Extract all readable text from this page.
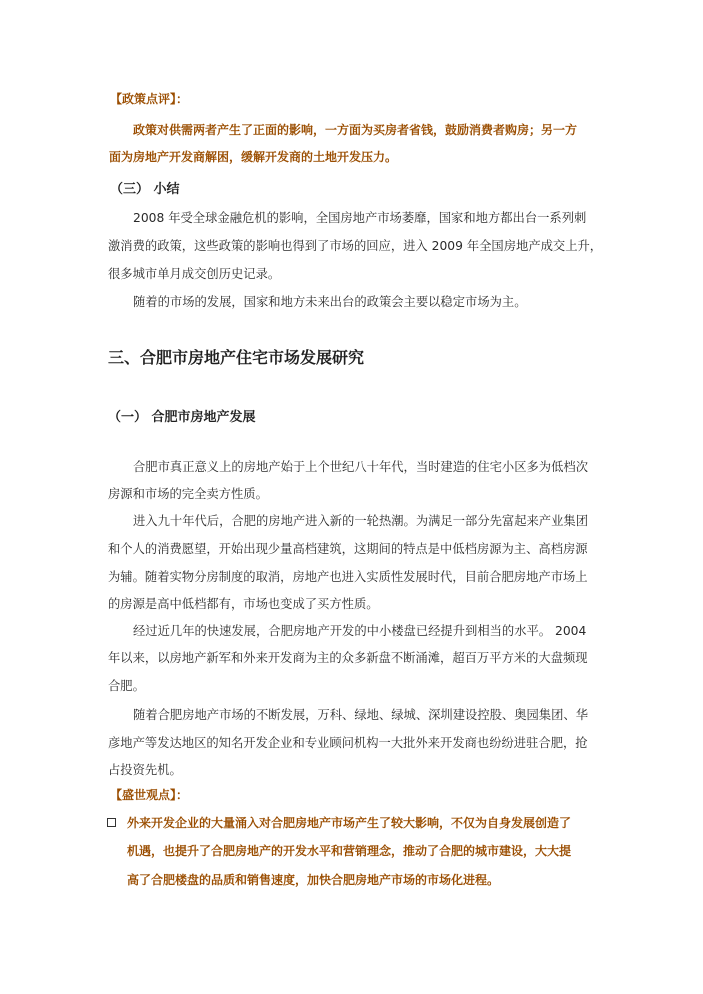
【政策点评】：
政策对供需两者产生了正面的影响，一方面为买房者省钱，鼓励消费者购房；另一方
面为房地产开发商解困，缓解开发商的土地开发压力。
（三） 小结
2008 年受全球金融危机的影响，全国房地产市场萎靡，国家和地方都出台一系列刺
激消费的政策，这些政策的影响也得到了市场的回应，进入 2009 年全国房地产成交上升，
很多城市单月成交创历史记录。
随着的市场的发展，国家和地方未来出台的政策会主要以稳定市场为主。
三、合肥市房地产住宅市场发展研究
（一） 合肥市房地产发展
合肥市真正意义上的房地产始于上个世纪八十年代，当时建造的住宅小区多为低档次
房源和市场的完全卖方性质。
进入九十年代后，合肥的房地产进入新的一轮热潮。为满足一部分先富起来产业集团
和个人的消费愿望，开始出现少量高档建筑，这期间的特点是中低档房源为主、高档房源
为辅。随着实物分房制度的取消，房地产也进入实质性发展时代，目前合肥房地产市场上
的房源是高中低档都有，市场也变成了买方性质。
经过近几年的快速发展，合肥房地产开发的中小楼盘已经提升到相当的水平。 2004
年以来，以房地产新军和外来开发商为主的众多新盘不断涌滩，超百万平方米的大盘频现
合肥。
随着合肥房地产市场的不断发展，万科、绿地、绿城、深圳建设控股、奥园集团、华
彦地产等发达地区的知名开发企业和专业顾问机构一大批外来开发商也纷纷进驻合肥，抢
占投资先机。
【盛世观点】：
外来开发企业的大量涌入对合肥房地产市场产生了较大影响，不仅为自身发展创造了
机遇，也提升了合肥房地产的开发水平和营销理念，推动了合肥的城市建设，大大提
高了合肥楼盘的品质和销售速度，加快合肥房地产市场的市场化进程。
